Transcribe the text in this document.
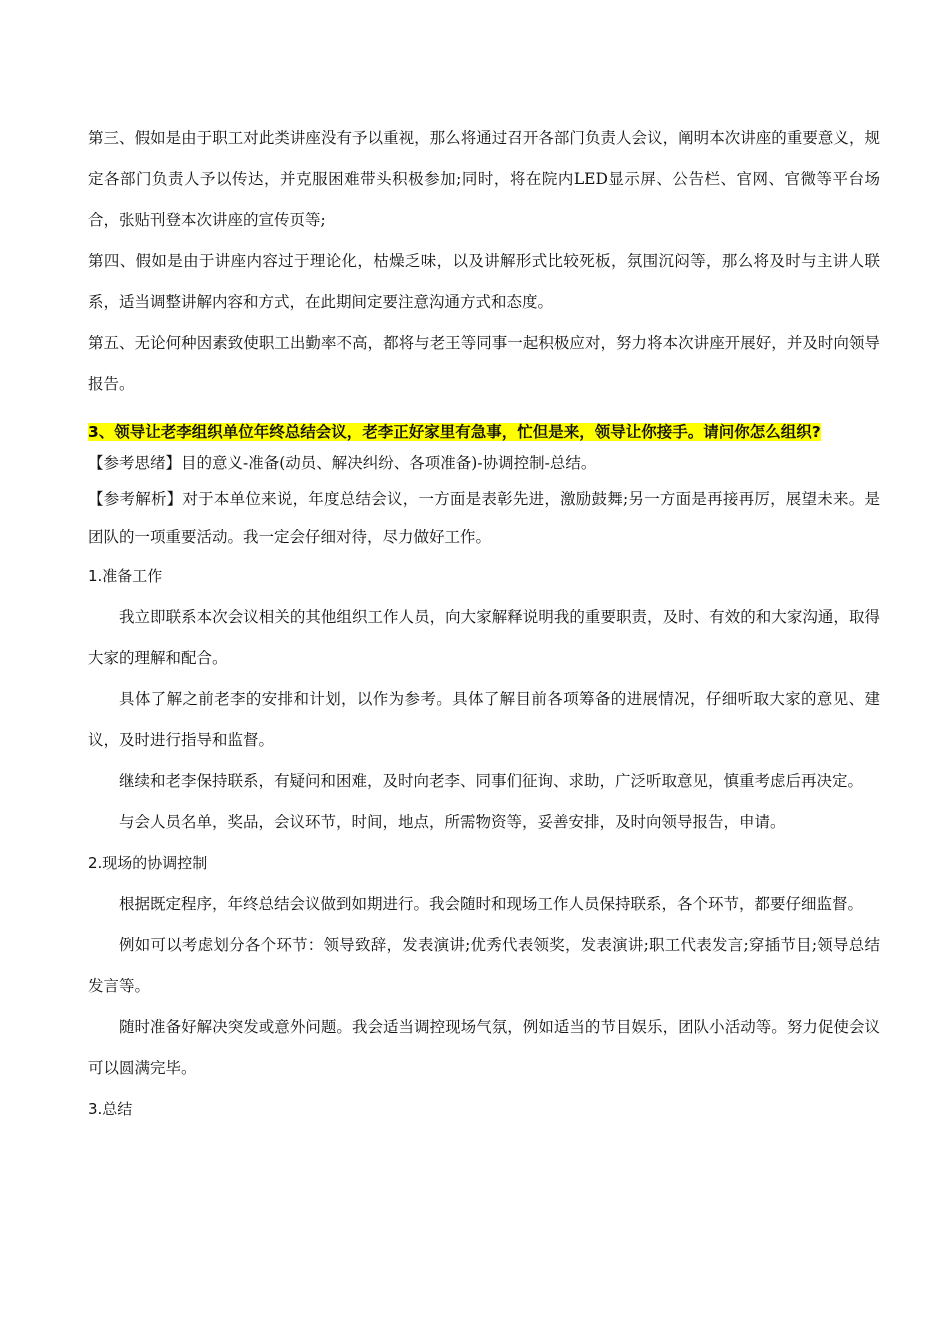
第三、假如是由于职工对此类讲座没有予以重视，那么将通过召开各部门负责人会议，阐明本次讲座的重要意义，规定各部门负责人予以传达，并克服困难带头积极参加;同时，将在院内LED显示屏、公告栏、官网、官微等平台场合，张贴刊登本次讲座的宣传页等;

第四、假如是由于讲座内容过于理论化，枯燥乏味，以及讲解形式比较死板，氛围沉闷等，那么将及时与主讲人联系，适当调整讲解内容和方式，在此期间定要注意沟通方式和态度。

第五、无论何种因素致使职工出勤率不高，都将与老王等同事一起积极应对，努力将本次讲座开展好，并及时向领导报告。

3、领导让老李组织单位年终总结会议，老李正好家里有急事，忙但是来，领导让你接手。请问你怎么组织?

【参考思绪】目的意义-准备(动员、解决纠纷、各项准备)-协调控制-总结。

【参考解析】对于本单位来说，年度总结会议，一方面是表彰先进，激励鼓舞;另一方面是再接再厉，展望未来。是团队的一项重要活动。我一定会仔细对待，尽力做好工作。

1.准备工作

我立即联系本次会议相关的其他组织工作人员，向大家解释说明我的重要职责，及时、有效的和大家沟通，取得大家的理解和配合。

具体了解之前老李的安排和计划，以作为参考。具体了解目前各项筹备的进展情况，仔细听取大家的意见、建议，及时进行指导和监督。

继续和老李保持联系，有疑问和困难，及时向老李、同事们征询、求助，广泛听取意见，慎重考虑后再决定。

与会人员名单，奖品，会议环节，时间，地点，所需物资等，妥善安排，及时向领导报告，申请。

2.现场的协调控制

根据既定程序，年终总结会议做到如期进行。我会随时和现场工作人员保持联系，各个环节，都要仔细监督。

例如可以考虑划分各个环节：领导致辞，发表演讲;优秀代表领奖，发表演讲;职工代表发言;穿插节目;领导总结发言等。

随时准备好解决突发或意外问题。我会适当调控现场气氛，例如适当的节目娱乐，团队小活动等。努力促使会议可以圆满完毕。

3.总结
